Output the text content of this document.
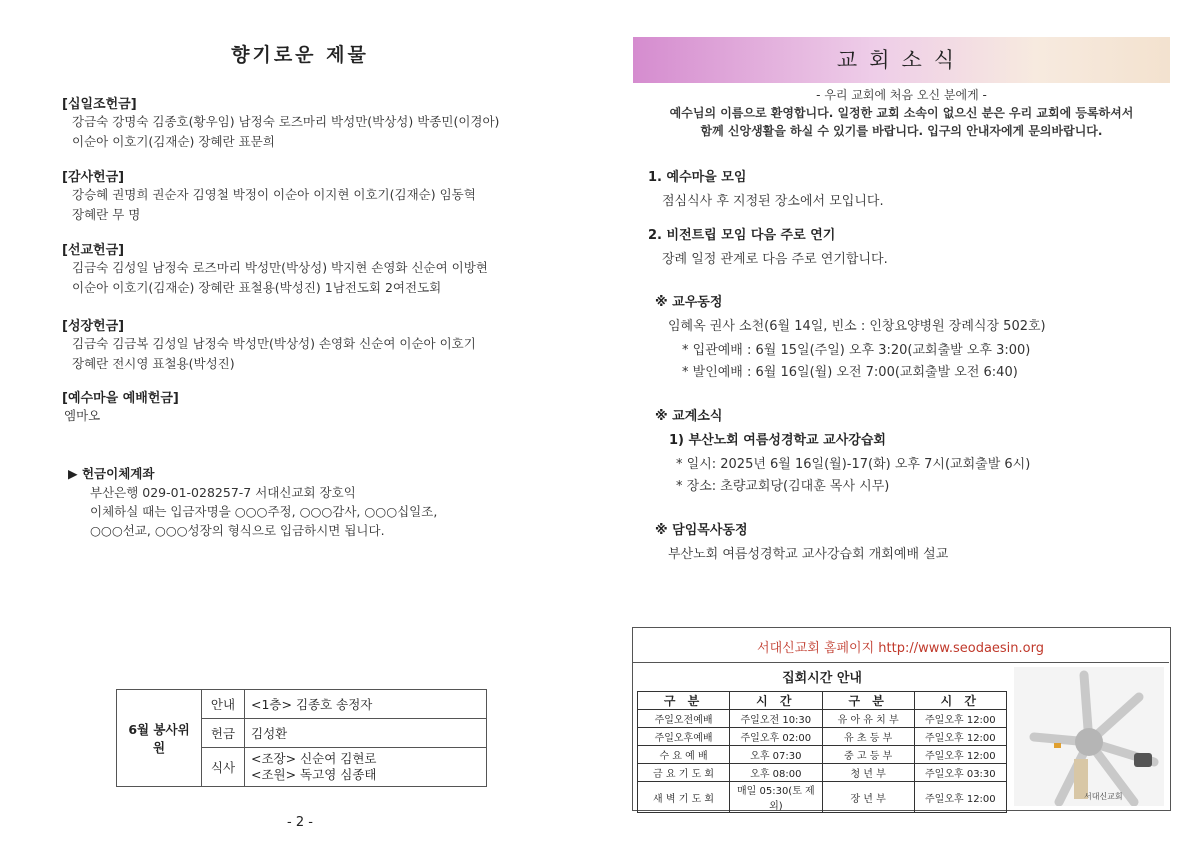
향기로운 제물
[십일조헌금]
강금숙 강명숙 김종호(황우임) 남정숙 로즈마리 박성만(박상성) 박종민(이경아)
이순아 이호기(김재순) 장혜란 표문희
[감사헌금]
강승혜 권명희 권순자 김영철 박정이 이순아 이지현 이호기(김재순) 임동혁
장혜란 무 명
[선교헌금]
김금숙 김성일 남정숙 로즈마리 박성만(박상성) 박지현 손영화 신순여 이방현
이순아 이호기(김재순) 장혜란 표철용(박성진) 1남전도회 2여전도회
[성장헌금]
김금숙 김금복 김성일 남정숙 박성만(박상성) 손영화 신순여 이순아 이호기
장혜란 전시영 표철용(박성진)
[예수마을 예배헌금]
엠마오
▶ 헌금이체계좌
부산은행 029-01-028257-7 서대신교회 장호익
이체하실 때는 입금자명을 ○○○주정, ○○○감사, ○○○십일조,
○○○선교, ○○○성장의 형식으로 입금하시면 됩니다.
6월 봉사위원	안내	<1층> 김종호 송정자
	헌금	김성환
	식사	<조장> 신순여 김현로
<조원> 독고영 심종태
- 2 -
교회소식
- 우리 교회에 처음 오신 분에게 -
예수님의 이름으로 환영합니다. 일정한 교회 소속이 없으신 분은 우리 교회에 등록하셔서
함께 신앙생활을 하실 수 있기를 바랍니다. 입구의 안내자에게 문의바랍니다.
1. 예수마을 모임
점심식사 후 지정된 장소에서 모입니다.
2. 비전트립 모임 다음 주로 연기
장례 일정 관계로 다음 주로 연기합니다.
※ 교우동정
임혜옥 권사 소천(6월 14일, 빈소 : 인창요양병원 장례식장 502호)
* 입관예배 : 6월 15일(주일) 오후 3:20(교회출발 오후 3:00)
* 발인예배 : 6월 16일(월) 오전 7:00(교회출발 오전 6:40)
※ 교계소식
1) 부산노회 여름성경학교 교사강습회
* 일시: 2025년 6월 16일(월)-17(화) 오후 7시(교회출발 6시)
* 장소: 초량교회당(김대훈 목사 시무)
※ 담임목사동정
부산노회 여름성경학교 교사강습회 개회예배 설교
서대신교회 홈페이지 http://www.seodaesin.org
집회시간 안내
구 분	시 간	구 분	시 간
주일오전예배	주일오전 10:30	유 아 유 치 부	주일오후 12:00
주일오후예배	주일오후 02:00	유 초 등 부	주일오후 12:00
수 요 예 배	오후 07:30	중 고 등 부	주일오후 12:00
금 요 기 도 회	오후 08:00	청 년 부	주일오후 03:30
새 벽 기 도 회	매일 05:30(토 제외)	장 년 부	주일오후 12:00	서대신교회
